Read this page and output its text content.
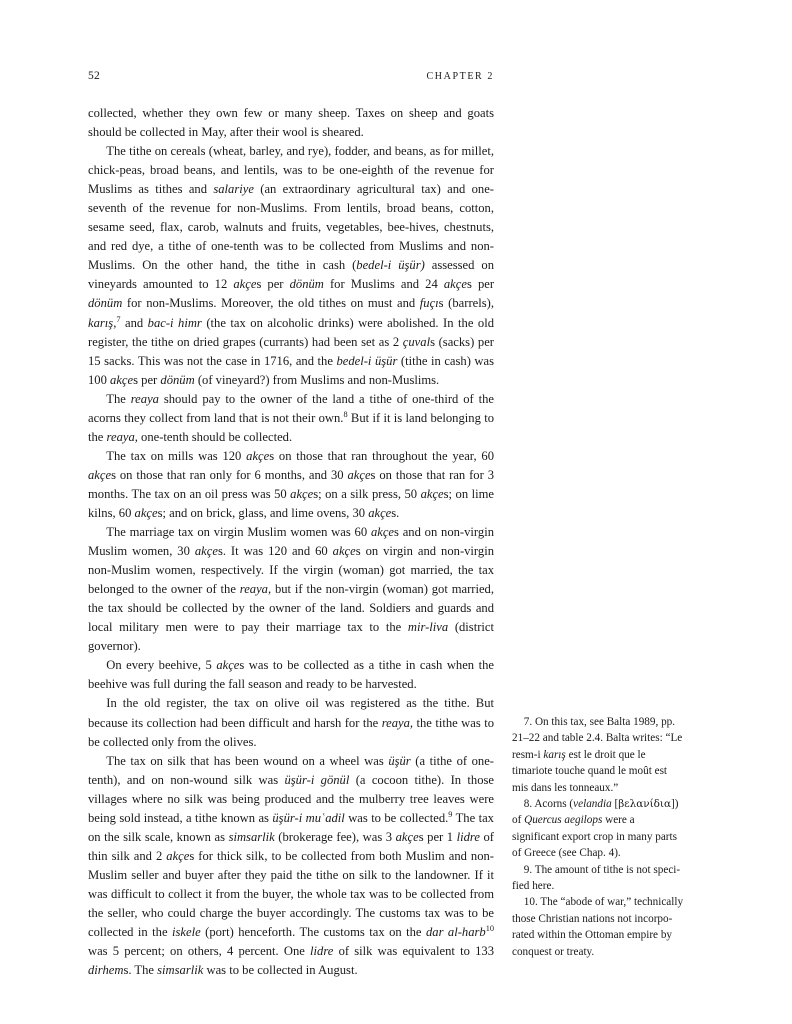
52	CHAPTER 2

collected, whether they own few or many sheep. Taxes on sheep and goats should be collected in May, after their wool is sheared.

The tithe on cereals (wheat, barley, and rye), fodder, and beans, as for millet, chick-peas, broad beans, and lentils, was to be one-eighth of the revenue for Muslims as tithes and salariye (an extraordinary agricultural tax) and one-seventh of the revenue for non-Muslims. From lentils, broad beans, cotton, sesame seed, flax, carob, walnuts and fruits, vegetables, bee-hives, chestnuts, and red dye, a tithe of one-tenth was to be collected from Muslims and non-Muslims. On the other hand, the tithe in cash (bedel-i üşür) assessed on vineyards amounted to 12 akçes per dönüm for Muslims and 24 akçes per dönüm for non-Muslims. Moreover, the old tithes on must and fuçıs (barrels), karış,$^7$ and bac-i himr (the tax on alcoholic drinks) were abolished. In the old register, the tithe on dried grapes (currants) had been set as 2 çuvals (sacks) per 15 sacks. This was not the case in 1716, and the bedel-i üşür (tithe in cash) was 100 akçes per dönüm (of vineyard?) from Muslims and non-Muslims.

The reaya should pay to the owner of the land a tithe of one-third of the acorns they collect from land that is not their own.$^8$ But if it is land belonging to the reaya, one-tenth should be collected.

The tax on mills was 120 akçes on those that ran throughout the year, 60 akçes on those that ran only for 6 months, and 30 akçes on those that ran for 3 months. The tax on an oil press was 50 akçes; on a silk press, 50 akçes; on lime kilns, 60 akçes; and on brick, glass, and lime ovens, 30 akçes.

The marriage tax on virgin Muslim women was 60 akçes and on non-virgin Muslim women, 30 akçes. It was 120 and 60 akçes on virgin and non-virgin non-Muslim women, respectively. If the virgin (woman) got married, the tax belonged to the owner of the reaya, but if the non-virgin (woman) got married, the tax should be collected by the owner of the land. Soldiers and guards and local military men were to pay their marriage tax to the mir-liva (district governor).

On every beehive, 5 akçes was to be collected as a tithe in cash when the beehive was full during the fall season and ready to be harvested.

In the old register, the tax on olive oil was registered as the tithe. But because its collection had been difficult and harsh for the reaya, the tithe was to be collected only from the olives.

The tax on silk that has been wound on a wheel was üşür (a tithe of one-tenth), and on non-wound silk was üşür-i gönül (a cocoon tithe). In those villages where no silk was being produced and the mulberry tree leaves were being sold instead, a tithe known as üşür-i muʿadil was to be collected.$^9$ The tax on the silk scale, known as simsarlik (brokerage fee), was 3 akçes per 1 lidre of thin silk and 2 akçes for thick silk, to be collected from both Muslim and non-Muslim seller and buyer after they paid the tithe on silk to the landowner. If it was difficult to collect it from the buyer, the whole tax was to be collected from the seller, who could charge the buyer accordingly. The customs tax was to be collected in the iskele (port) henceforth. The customs tax on the dar al-harb$^{10}$ was 5 percent; on others, 4 percent. One lidre of silk was equivalent to 133 dirhems. The simsarlik was to be collected in August.

7. On this tax, see Balta 1989, pp. 21–22 and table 2.4. Balta writes: “Le resm-i karış est le droit que le timariote touche quand le moût est mis dans les tonneaux.”

8. Acorns (velandia [βελανίδια]) of Quercus aegilops were a significant export crop in many parts of Greece (see Chap. 4).

9. The amount of tithe is not speci-fied here.

10. The “abode of war,” technically those Christian nations not incorpo-rated within the Ottoman empire by conquest or treaty.
